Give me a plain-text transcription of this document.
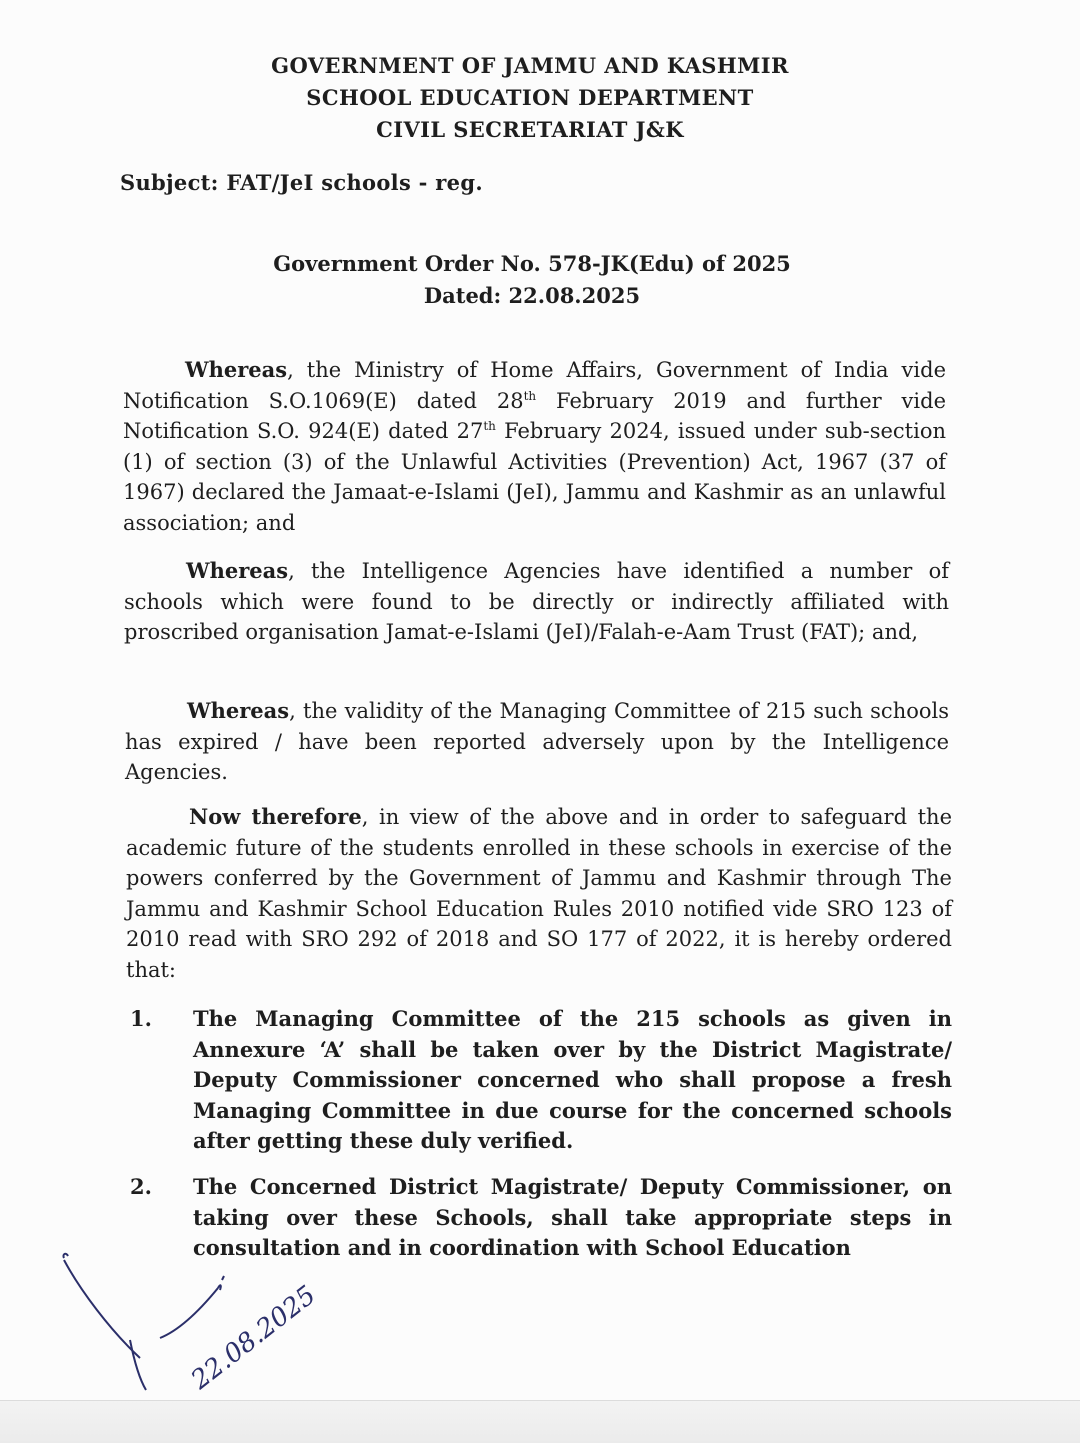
GOVERNMENT OF JAMMU AND KASHMIR
SCHOOL EDUCATION DEPARTMENT
CIVIL SECRETARIAT J&K
Subject: FAT/JeI schools - reg.
Government Order No. 578-JK(Edu) of 2025
Dated: 22.08.2025

Whereas, the Ministry of Home Affairs, Government of India vide Notification S.O.1069(E) dated 28th February 2019 and further vide Notification S.O. 924(E) dated 27th February 2024, issued under sub-section (1) of section (3) of the Unlawful Activities (Prevention) Act, 1967 (37 of 1967) declared the Jamaat-e-Islami (JeI), Jammu and Kashmir as an unlawful association; and

Whereas, the Intelligence Agencies have identified a number of schools which were found to be directly or indirectly affiliated with proscribed organisation Jamat-e-Islami (JeI)/Falah-e-Aam Trust (FAT); and,

Whereas, the validity of the Managing Committee of 215 such schools has expired / have been reported adversely upon by the Intelligence Agencies.

Now therefore, in view of the above and in order to safeguard the academic future of the students enrolled in these schools in exercise of the powers conferred by the Government of Jammu and Kashmir through The Jammu and Kashmir School Education Rules 2010 notified vide SRO 123 of 2010 read with SRO 292 of 2018 and SO 177 of 2022, it is hereby ordered that:

1. The Managing Committee of the 215 schools as given in Annexure ‘A’ shall be taken over by the District Magistrate/ Deputy Commissioner concerned who shall propose a fresh Managing Committee in due course for the concerned schools after getting these duly verified.

2. The Concerned District Magistrate/ Deputy Commissioner, on taking over these Schools, shall take appropriate steps in consultation and in coordination with School Education

22.08.2025
